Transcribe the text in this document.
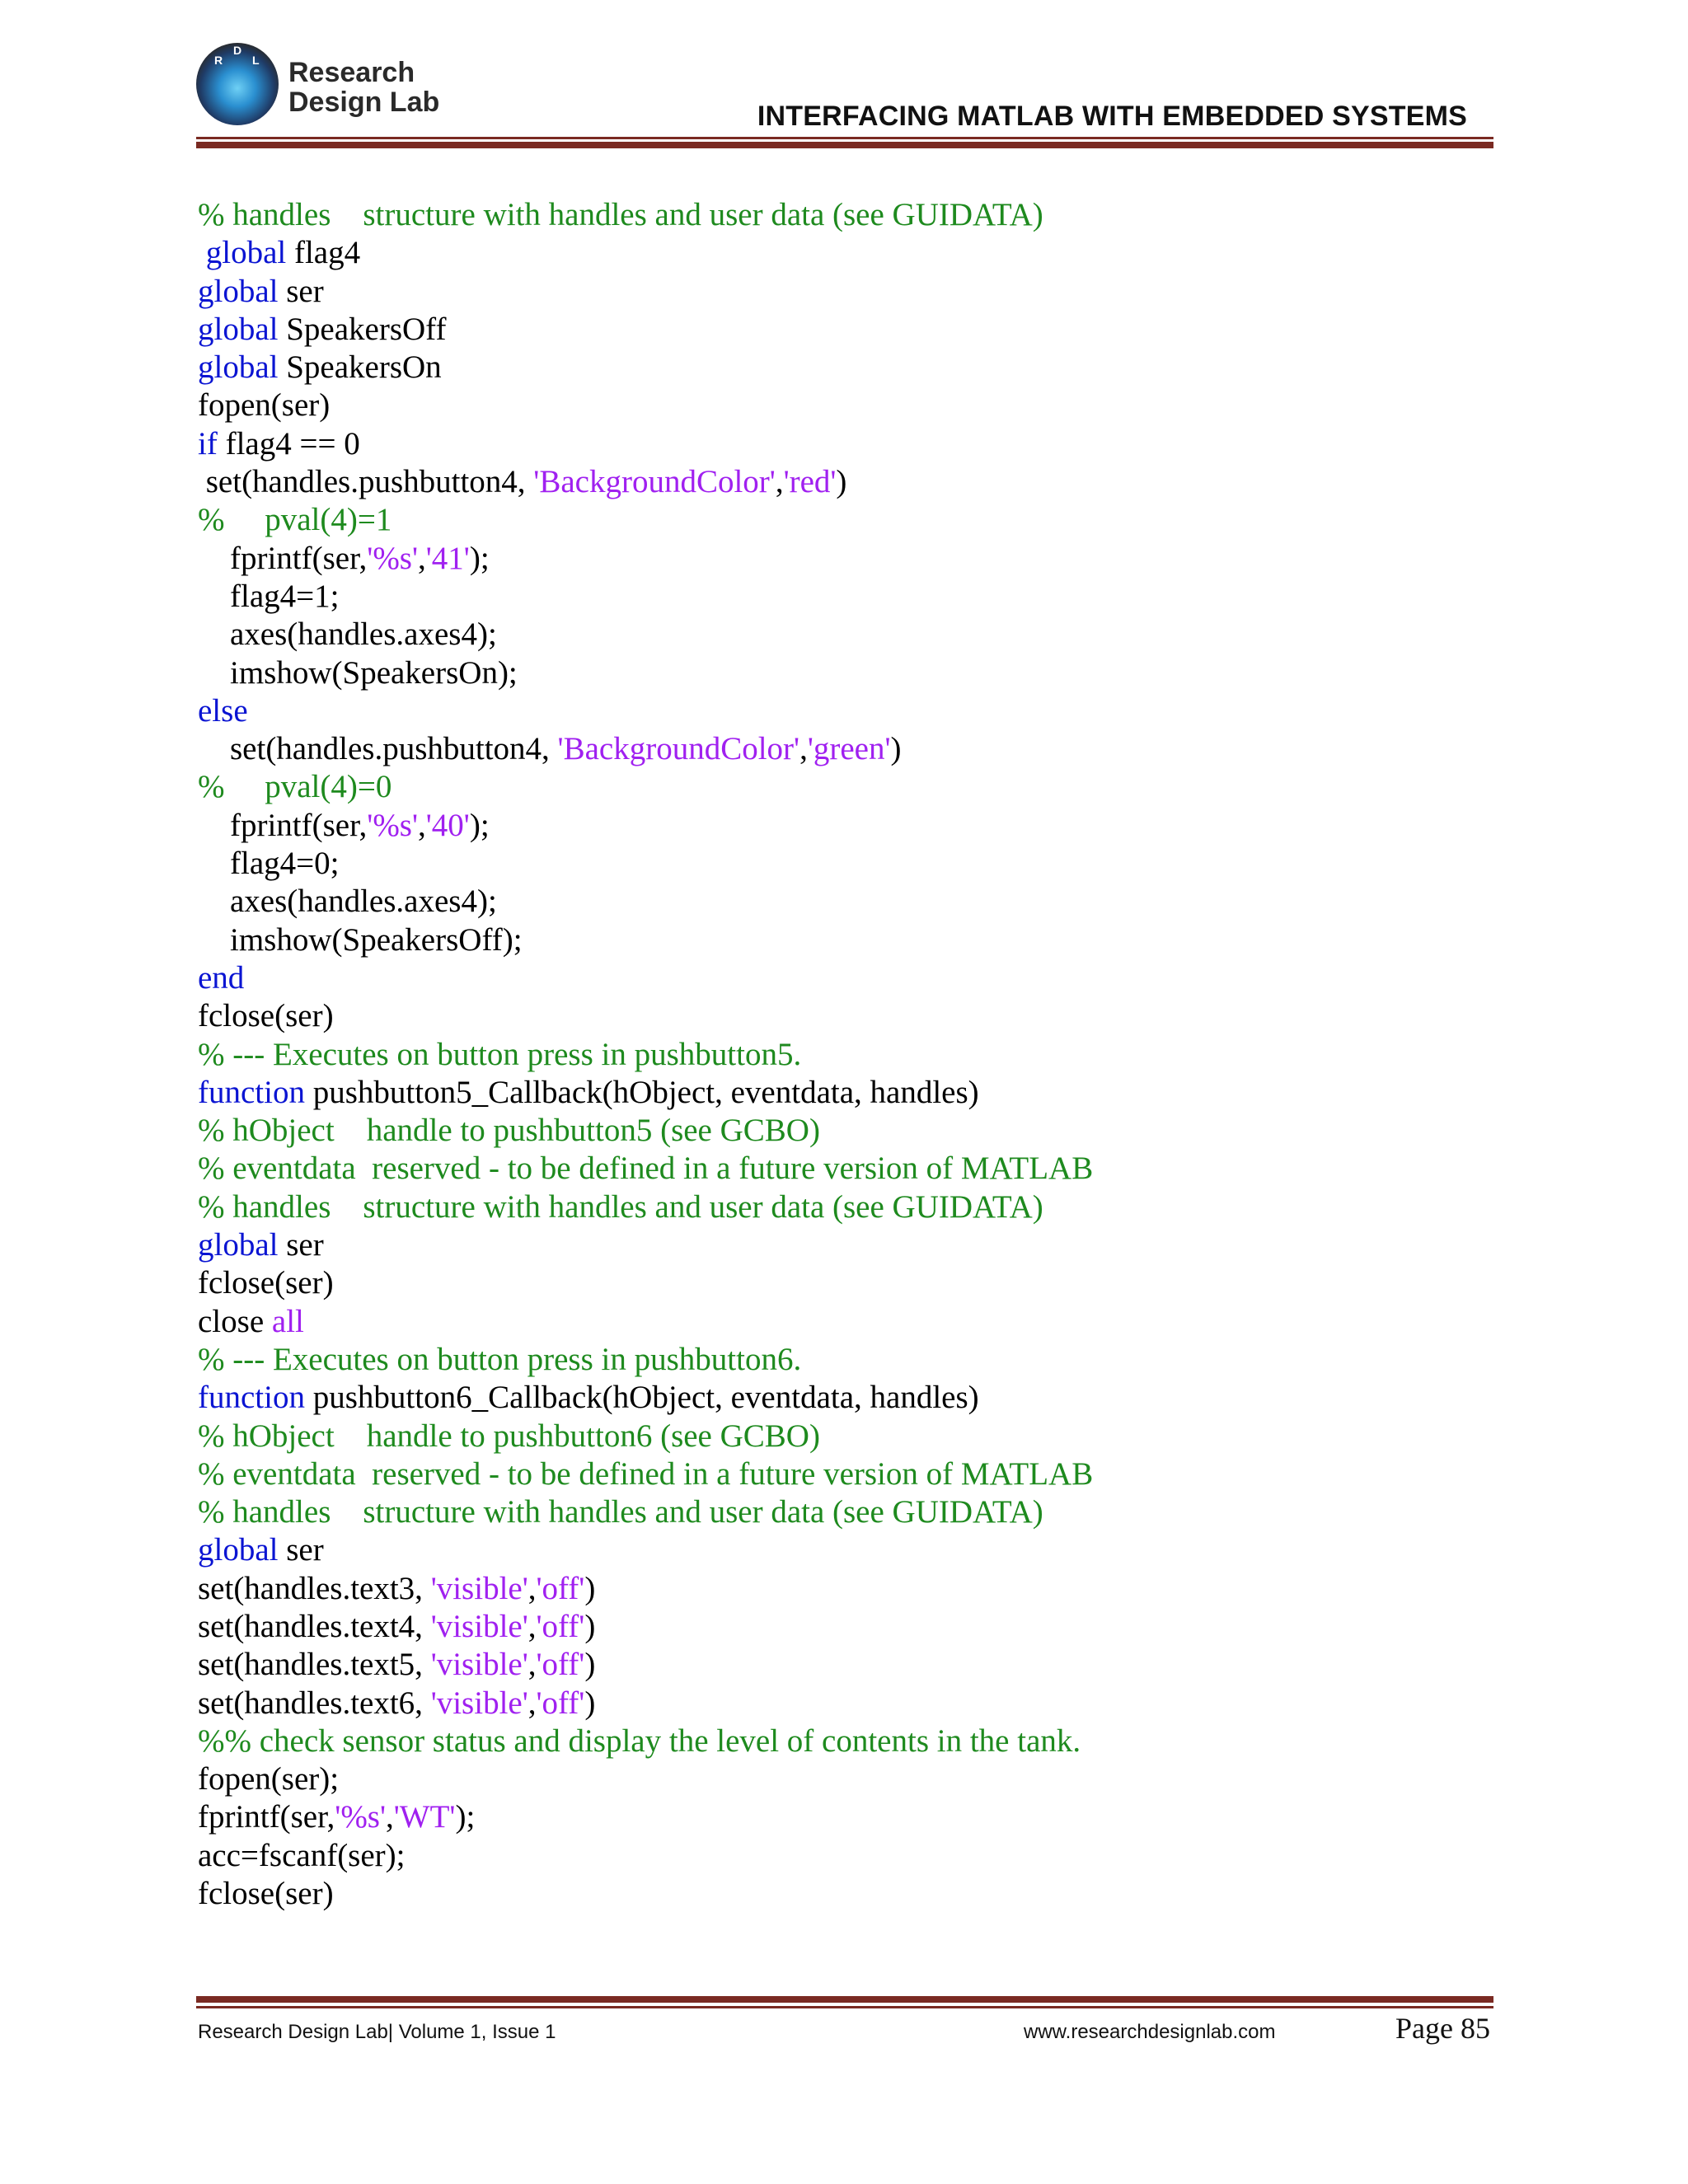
R
D
L Research
Design Lab	INTERFACING MATLAB WITH EMBEDDED SYSTEMS
% handles    structure with handles and user data (see GUIDATA)
global flag4
global ser
global SpeakersOff
global SpeakersOn
fopen(ser)
if flag4 == 0
set(handles.pushbutton4, 'BackgroundColor','red')
%     pval(4)=1
fprintf(ser,'%s','41');
flag4=1;
axes(handles.axes4);
imshow(SpeakersOn);
else
set(handles.pushbutton4, 'BackgroundColor','green')
%     pval(4)=0
fprintf(ser,'%s','40');
flag4=0;
axes(handles.axes4);
imshow(SpeakersOff);
end
fclose(ser)
% --- Executes on button press in pushbutton5.
function pushbutton5_Callback(hObject, eventdata, handles)
% hObject    handle to pushbutton5 (see GCBO)
% eventdata  reserved - to be defined in a future version of MATLAB
% handles    structure with handles and user data (see GUIDATA)
global ser
fclose(ser)
close all
% --- Executes on button press in pushbutton6.
function pushbutton6_Callback(hObject, eventdata, handles)
% hObject    handle to pushbutton6 (see GCBO)
% eventdata  reserved - to be defined in a future version of MATLAB
% handles    structure with handles and user data (see GUIDATA)
global ser
set(handles.text3, 'visible','off')
set(handles.text4, 'visible','off')
set(handles.text5, 'visible','off')
set(handles.text6, 'visible','off')
%% check sensor status and display the level of contents in the tank.
fopen(ser);
fprintf(ser,'%s','WT');
acc=fscanf(ser);
fclose(ser)
Research Design Lab| Volume 1, Issue 1	www.researchdesignlab.com	Page 85
